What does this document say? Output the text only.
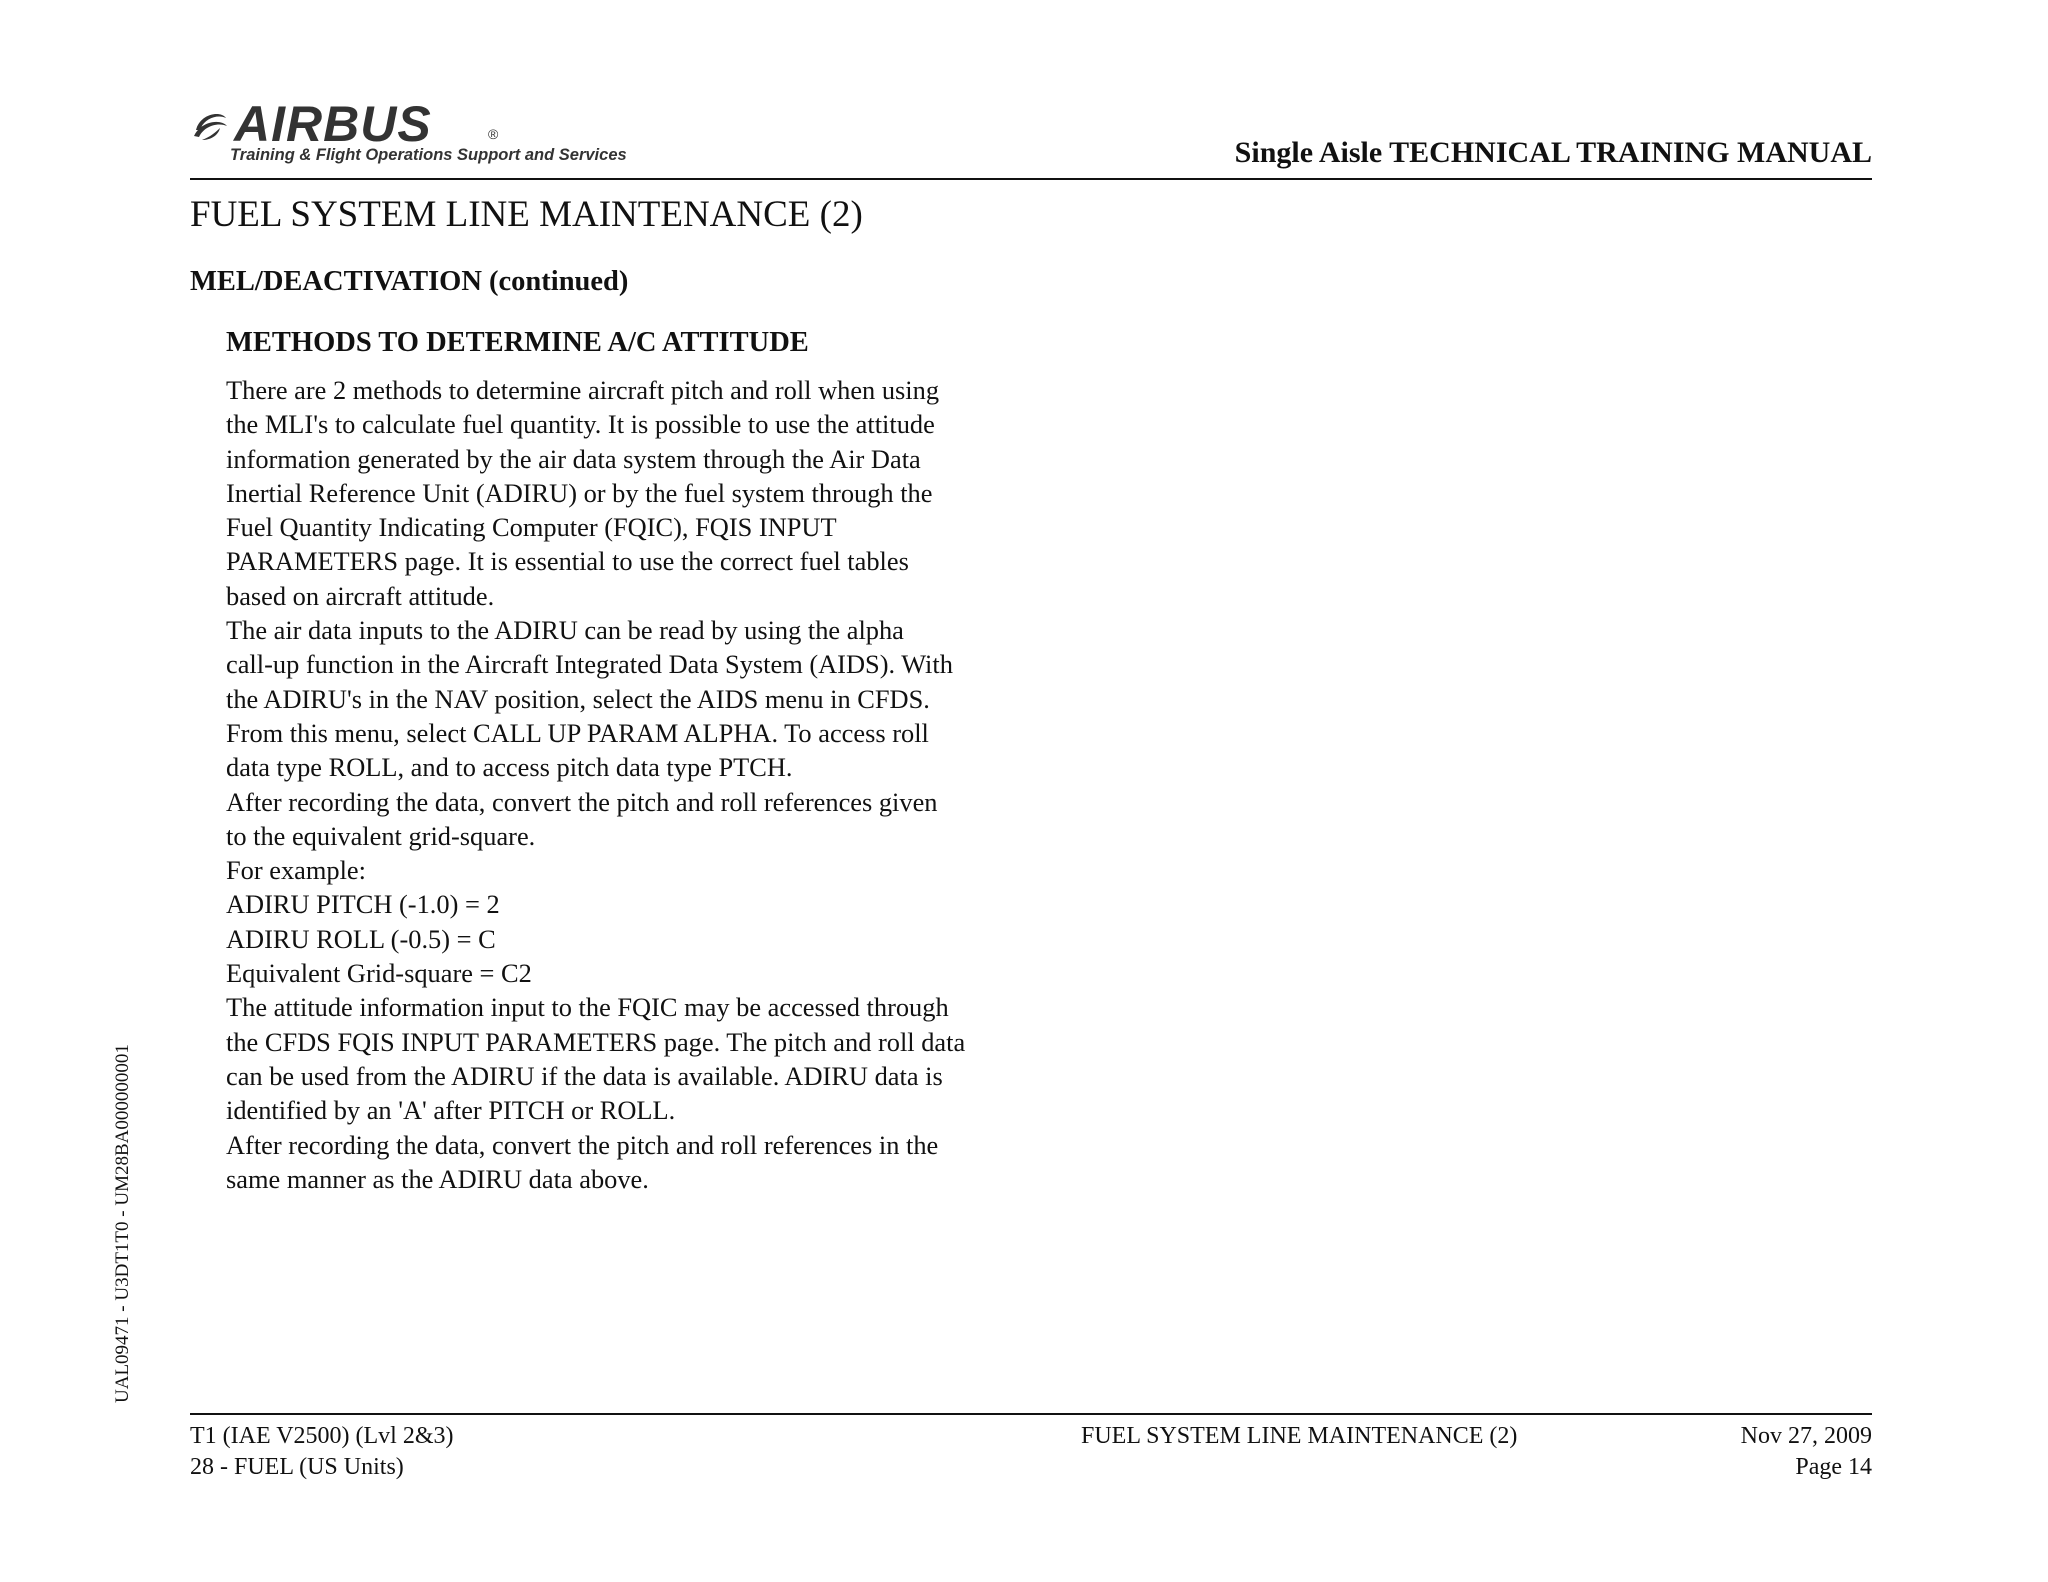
AIRBUS	®
Training & Flight Operations Support and Services	Single Aisle TECHNICAL TRAINING MANUAL
FUEL SYSTEM LINE MAINTENANCE (2)
MEL/DEACTIVATION (continued)
METHODS TO DETERMINE A/C ATTITUDE
There are 2 methods to determine aircraft pitch and roll when using
the MLI's to calculate fuel quantity. It is possible to use the attitude
information generated by the air data system through the Air Data
Inertial Reference Unit (ADIRU) or by the fuel system through the
Fuel Quantity Indicating Computer (FQIC), FQIS INPUT
PARAMETERS page. It is essential to use the correct fuel tables
based on aircraft attitude.
The air data inputs to the ADIRU can be read by using the alpha
call-up function in the Aircraft Integrated Data System (AIDS). With
the ADIRU's in the NAV position, select the AIDS menu in CFDS.
From this menu, select CALL UP PARAM ALPHA. To access roll
data type ROLL, and to access pitch data type PTCH.
After recording the data, convert the pitch and roll references given
to the equivalent grid-square.
For example:
ADIRU PITCH (-1.0) = 2
ADIRU ROLL (-0.5) = C
Equivalent Grid-square = C2
The attitude information input to the FQIC may be accessed through
the CFDS FQIS INPUT PARAMETERS page. The pitch and roll data
can be used from the ADIRU if the data is available. ADIRU data is
identified by an 'A' after PITCH or ROLL.
After recording the data, convert the pitch and roll references in the
same manner as the ADIRU data above.
UAL09471 - U3DT1T0 - UM28BA000000001
T1 (IAE V2500) (Lvl 2&3)
28 - FUEL (US Units)
FUEL SYSTEM LINE MAINTENANCE (2)	Nov 27, 2009
Page 14
